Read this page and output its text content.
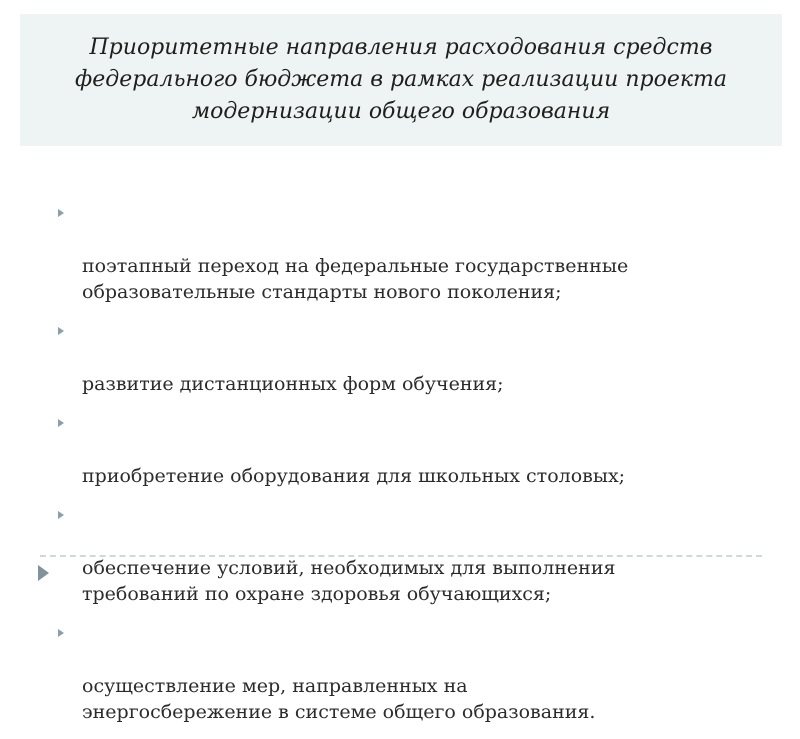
Приоритетные направления расходования средств
федерального бюджета в рамках реализации проекта
модернизации общего образования

поэтапный переход на федеральные государственные
образовательные стандарты нового поколения;

развитие дистанционных форм обучения;

приобретение оборудования для школьных столовых;

обеспечение условий, необходимых для выполнения
требований по охране здоровья обучающихся;

осуществление мер, направленных на
энергосбережение в системе общего образования.
